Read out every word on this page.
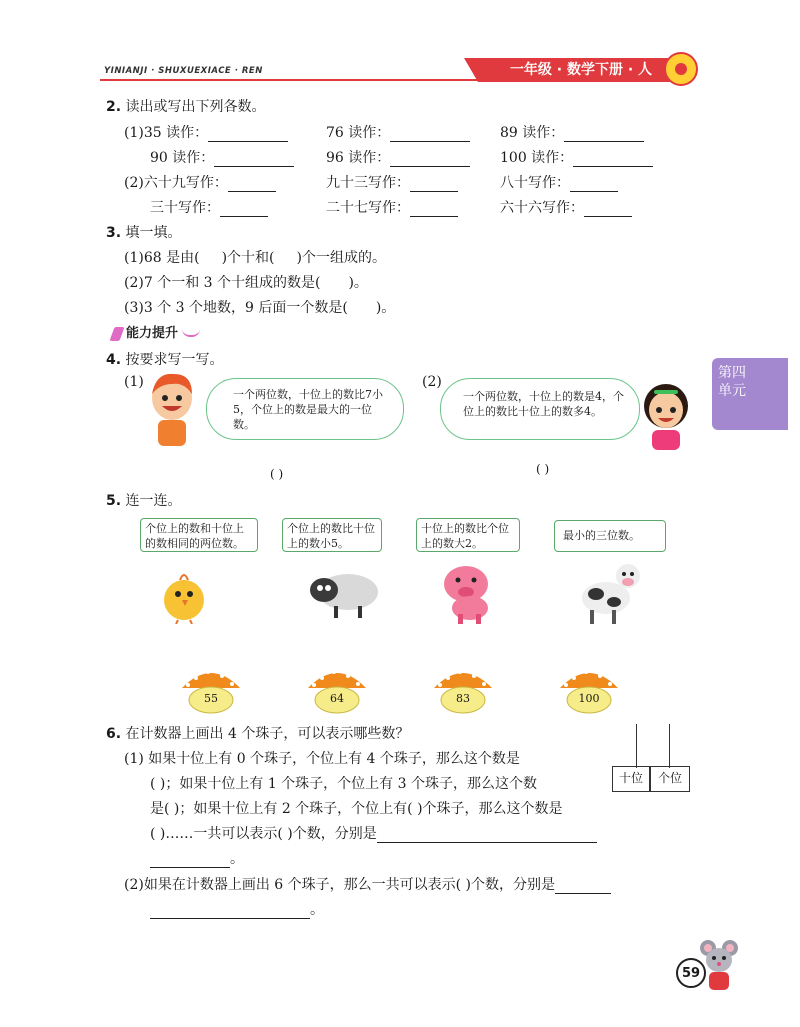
YINIANJI · SHUXUEXIACE · REN	一年级 · 数学下册 · 人
第四单元
2. 读出或写出下列各数。
(1)35 读作：	76 读作：	89 读作：
90 读作：	96 读作：	100 读作：
(2)六十九写作：	九十三写作：	八十写作：
三十写作：	二十七写作：	六十六写作：
3. 填一填。
(1)68 是由( )个十和( )个一组成的。
(2)7 个一和 3 个十组成的数是( )。
(3)3 个 3 个地数，9 后面一个数是( )。
能力提升
4. 按要求写一写。
(1)
一个两位数，十位上的数比7小5，个位上的数是最大的一位数。
( )
(2)
一个两位数，十位上的数是4，个位上的数比十位上的数多4。
( )
5. 连一连。
个位上的数和十位上的数相同的两位数。
个位上的数比十位上的数小5。
十位上的数比个位上的数大2。
最小的三位数。
55	64	83	100
6. 在计数器上画出 4 个珠子，可以表示哪些数？
(1) 如果十位上有 0 个珠子，个位上有 4 个珠子，那么这个数是
( )；如果十位上有 1 个珠子，个位上有 3 个珠子，那么这个数
是( )；如果十位上有 2 个珠子，个位上有( )个珠子，那么这个数是
( )……一共可以表示( )个数，分别是
。
(2)如果在计数器上画出 6 个珠子，那么一共可以表示( )个数，分别是
。
十位	个位
59
